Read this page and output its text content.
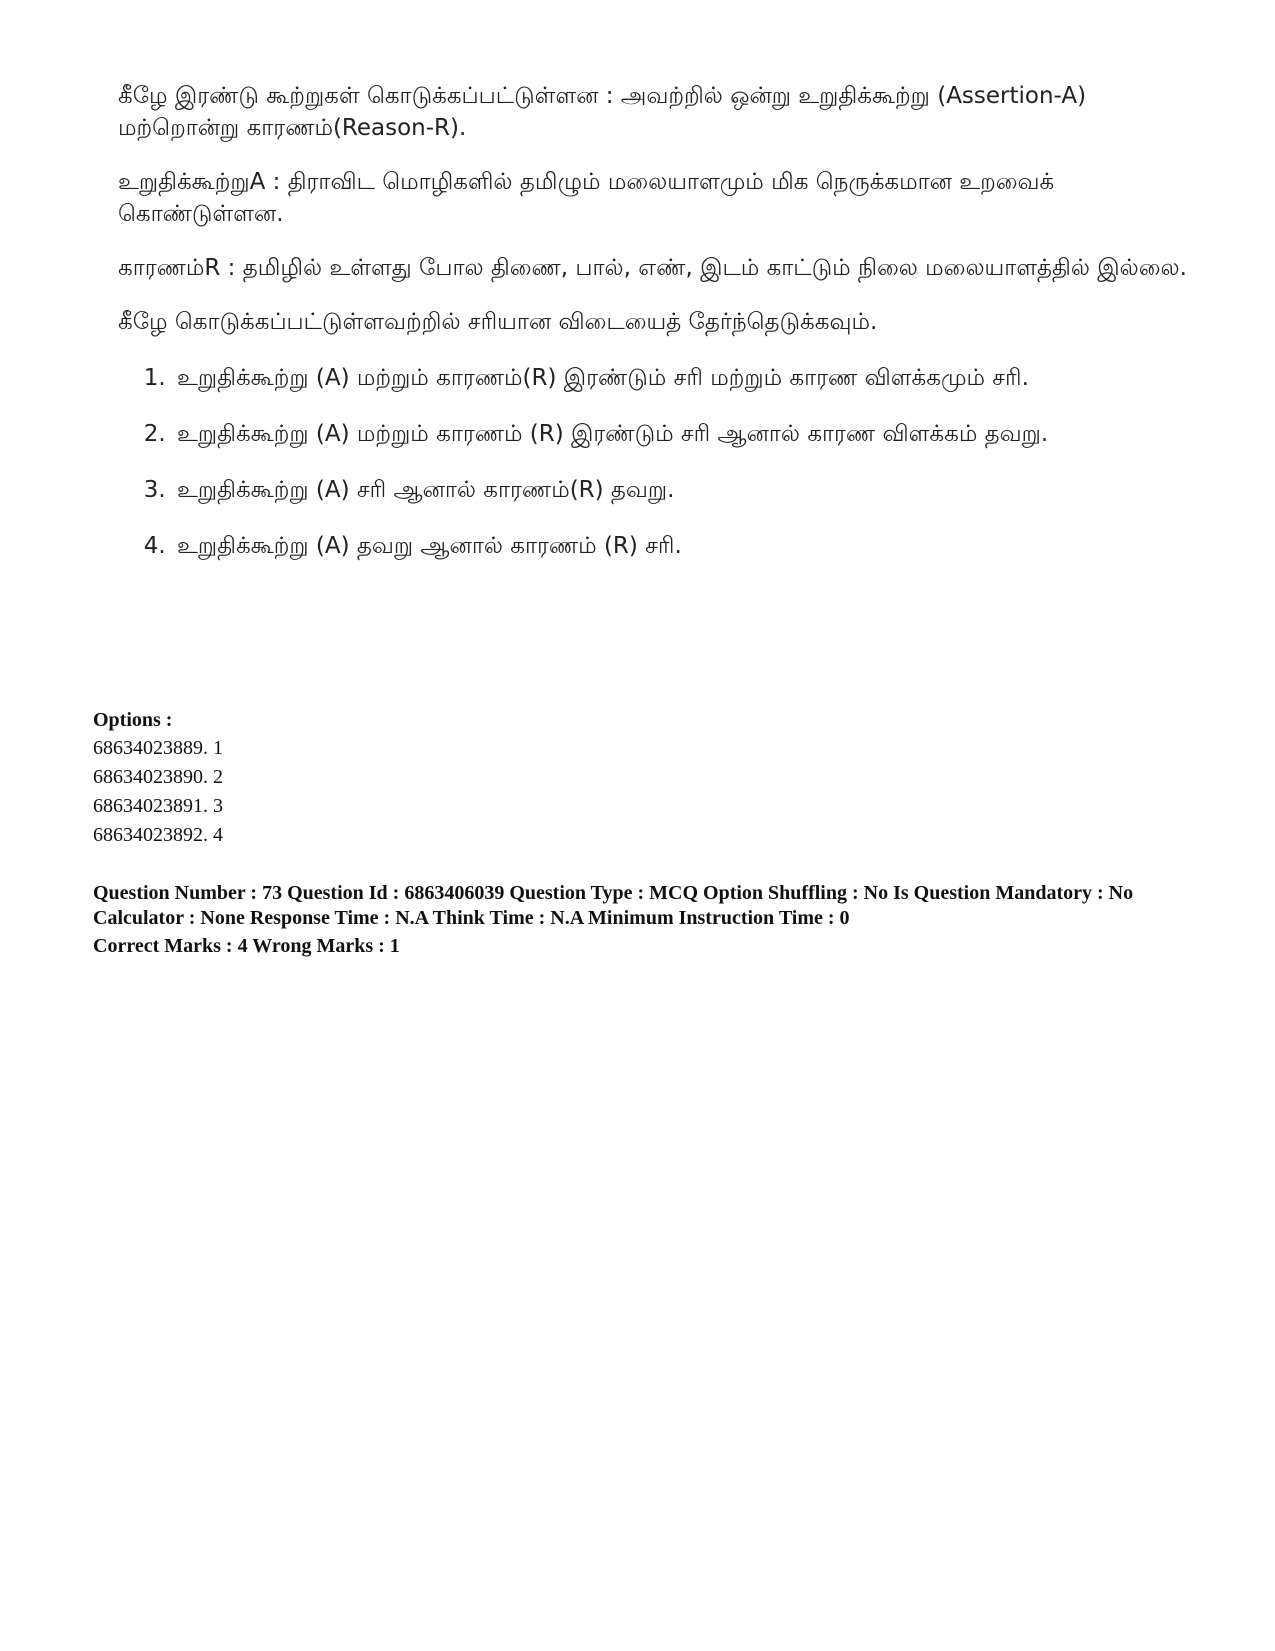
கீழே இரண்டு கூற்றுகள் கொடுக்கப்பட்டுள்ளன : அவற்றில் ஒன்று உறுதிக்கூற்று (Assertion-A) மற்றொன்று காரணம்(Reason-R).

உறுதிக்கூற்றுA : திராவிட மொழிகளில் தமிழும் மலையாளமும் மிக நெருக்கமான உறவைக் கொண்டுள்ளன.

காரணம்R : தமிழில் உள்ளது போல திணை, பால், எண், இடம் காட்டும் நிலை மலையாளத்தில் இல்லை.

கீழே கொடுக்கப்பட்டுள்ளவற்றில் சரியான விடையைத் தேர்ந்தெடுக்கவும்.

1. உறுதிக்கூற்று (A) மற்றும் காரணம்(R) இரண்டும் சரி மற்றும் காரண விளக்கமும் சரி.
2. உறுதிக்கூற்று (A) மற்றும் காரணம் (R) இரண்டும் சரி ஆனால் காரண விளக்கம் தவறு.
3. உறுதிக்கூற்று (A) சரி ஆனால் காரணம்(R) தவறு.
4. உறுதிக்கூற்று (A) தவறு ஆனால் காரணம் (R) சரி.
Options :
68634023889. 1
68634023890. 2
68634023891. 3
68634023892. 4
Question Number : 73 Question Id : 6863406039 Question Type : MCQ Option Shuffling : No Is Question Mandatory : No Calculator : None Response Time : N.A Think Time : N.A Minimum Instruction Time : 0
Correct Marks : 4 Wrong Marks : 1
